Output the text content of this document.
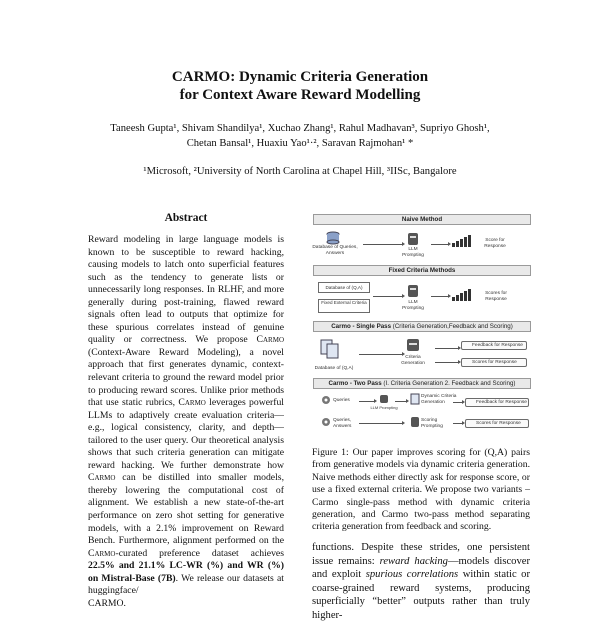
CARMO: Dynamic Criteria Generation
for Context Aware Reward Modelling
Taneesh Gupta¹, Shivam Shandilya¹, Xuchao Zhang¹, Rahul Madhavan³, Supriyo Ghosh¹,
Chetan Bansal¹, Huaxiu Yao¹·², Saravan Rajmohan¹ *
¹Microsoft, ²University of North Carolina at Chapel Hill, ³IISc, Bangalore
Abstract
Reward modeling in large language models is known to be susceptible to reward hacking, causing models to latch onto superficial features such as the tendency to generate lists or unnecessarily long responses. In RLHF, and more generally during post-training, flawed reward signals often lead to outputs that optimize for these spurious correlates instead of genuine quality or correctness. We propose Carmo (Context-Aware Reward Modeling), a novel approach that first generates dynamic, context-relevant criteria to ground the reward model prior to producing reward scores. Unlike prior methods that use static rubrics, Carmo leverages powerful LLMs to adaptively create evaluation criteria—e.g., logical consistency, clarity, and depth—tailored to the user query. Our theoretical analysis shows that such criteria generation can mitigate reward hacking. We further demonstrate how Carmo can be distilled into smaller models, thereby lowering the computational cost of alignment. We establish a new state-of-the-art performance on zero shot setting for generative models, with a 2.1% improvement on Reward Bench. Furthermore, alignment performed on the Carmo-curated preference dataset achieves 22.5% and 21.1% LC-WR (%) and WR (%) on Mistral-Base (7B). We release our datasets at huggingface/
CARMO.
Naive Method
Database of Queries, Answers
LLM Prompting
Score for Response
Fixed Criteria Methods
Database of (Q,A)
Fixed External Criteria	LLM Prompting
Scores for Response
Carmo - Single Pass (Criteria Generation,Feedback and Scoring)
Database of (Q,A)
Criteria Generation
Feedback for Response
Scores for Response
Carmo - Two Pass (I. Criteria Generation 2. Feedback and Scoring)
Queries
LLM Prompting
Dynamic Criteria Generation
Queries, Answers
Scoring Prompting
Feedback for Response
Scores for Response
Figure 1: Our paper improves scoring for (Q,A) pairs from generative models via dynamic criteria generation. Naive methods either directly ask for response score, or use a fixed external criteria. We propose two variants – Carmo single-pass method with dynamic criteria generation, and Carmo two-pass method separating criteria generation from feedback and scoring.
functions. Despite these strides, one persistent issue remains: reward hacking—models discover and exploit spurious correlations within static or coarse-grained reward systems, producing superficially “better” outputs rather than truly higher-
